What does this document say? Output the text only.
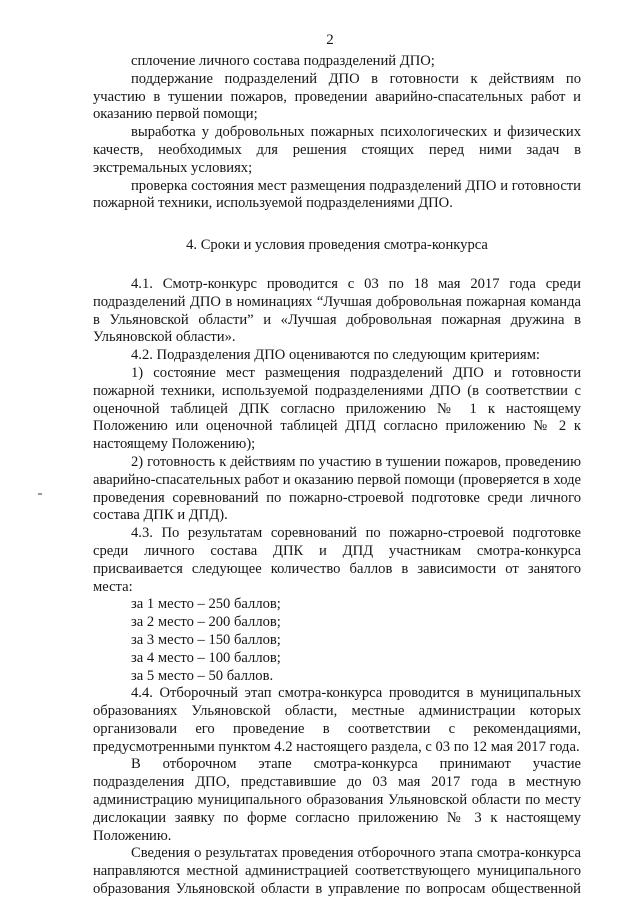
2

сплочение личного состава подразделений ДПО;

поддержание подразделений ДПО в готовности к действиям по участию в тушении пожаров, проведении аварийно-спасательных работ и оказанию первой помощи;

выработка у добровольных пожарных психологических и физических качеств, необходимых для решения стоящих перед ними задач в экстремальных условиях;

проверка состояния мест размещения подразделений ДПО и готовности пожарной техники, используемой подразделениями ДПО.

4. Сроки и условия проведения смотра-конкурса

4.1. Смотр-конкурс проводится с 03 по 18 мая 2017 года среди подразделений ДПО в номинациях “Лучшая добровольная пожарная команда в Ульяновской области” и «Лучшая добровольная пожарная дружина в Ульяновской области».

4.2. Подразделения ДПО оцениваются по следующим критериям:

1) состояние мест размещения подразделений ДПО и готовности пожарной техники, используемой подразделениями ДПО (в соответствии с оценочной таблицей ДПК согласно приложению № 1 к настоящему Положению или оценочной таблицей ДПД согласно приложению № 2 к настоящему Положению);

2) готовность к действиям по участию в тушении пожаров, проведению аварийно-спасательных работ и оказанию первой помощи (проверяется в ходе проведения соревнований по пожарно-строевой подготовке среди личного состава ДПК и ДПД).

4.3. По результатам соревнований по пожарно-строевой подготовке среди личного состава ДПК и ДПД участникам смотра-конкурса присваивается следующее количество баллов в зависимости от занятого места:

за 1 место – 250 баллов;

за 2 место – 200 баллов;

за 3 место – 150 баллов;

за 4 место – 100 баллов;

за 5 место – 50 баллов.

4.4. Отборочный этап смотра-конкурса проводится в муниципальных образованиях Ульяновской области, местные администрации которых организовали его проведение в соответствии с рекомендациями, предусмотренными пунктом 4.2 настоящего раздела, с 03 по 12 мая 2017 года.

В отборочном этапе смотра-конкурса принимают участие подразделения ДПО, представившие до 03 мая 2017 года в местную администрацию муниципального образования Ульяновской области по месту дислокации заявку по форме согласно приложению № 3 к настоящему Положению.

Сведения о результатах проведения отборочного этапа смотра-конкурса

направляются местной администрацией соответствующего муниципального

образования Ульяновской области в управление по вопросам общественной
